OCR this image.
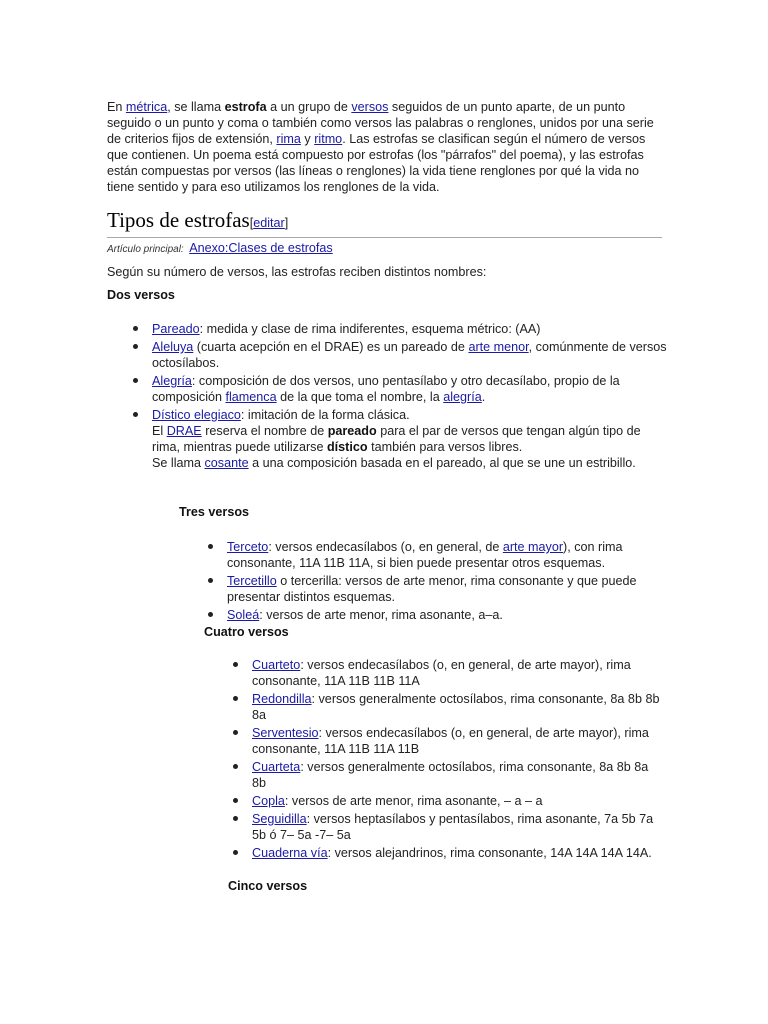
En métrica, se llama estrofa a un grupo de versos seguidos de un punto aparte, de un punto seguido o un punto y coma o también como versos las palabras o renglones, unidos por una serie de criterios fijos de extensión, rima y ritmo. Las estrofas se clasifican según el número de versos que contienen. Un poema está compuesto por estrofas (los "párrafos" del poema), y las estrofas están compuestas por versos (las líneas o renglones) la vida tiene renglones por qué la vida no tiene sentido y para eso utilizamos los renglones de la vida.

Tipos de estrofas[editar]
Artículo principal: Anexo:Clases de estrofas

Según su número de versos, las estrofas reciben distintos nombres:

Dos versos

Pareado: medida y clase de rima indiferentes, esquema métrico: (AA)
Aleluya (cuarta acepción en el DRAE) es un pareado de arte menor, comúnmente de versos octosílabos.
Alegría: composición de dos versos, uno pentasílabo y otro decasílabo, propio de la composición flamenca de la que toma el nombre, la alegría.
Dístico elegiaco: imitación de la forma clásica.
El DRAE reserva el nombre de pareado para el par de versos que tengan algún tipo de rima, mientras puede utilizarse dístico también para versos libres.
Se llama cosante a una composición basada en el pareado, al que se une un estribillo.

Tres versos

Terceto: versos endecasílabos (o, en general, de arte mayor), con rima consonante, 11A 11B 11A, si bien puede presentar otros esquemas.
Tercetillo o tercerilla: versos de arte menor, rima consonante y que puede presentar distintos esquemas.
Soleá: versos de arte menor, rima asonante, a–a.

Cuatro versos

Cuarteto: versos endecasílabos (o, en general, de arte mayor), rima consonante, 11A 11B 11B 11A
Redondilla: versos generalmente octosílabos, rima consonante, 8a 8b 8b 8a
Serventesio: versos endecasílabos (o, en general, de arte mayor), rima consonante, 11A 11B 11A 11B
Cuarteta: versos generalmente octosílabos, rima consonante, 8a 8b 8a 8b
Copla: versos de arte menor, rima asonante, – a – a
Seguidilla: versos heptasílabos y pentasílabos, rima asonante, 7a 5b 7a 5b ó 7– 5a -7– 5a
Cuaderna vía: versos alejandrinos, rima consonante, 14A 14A 14A 14A.

Cinco versos
